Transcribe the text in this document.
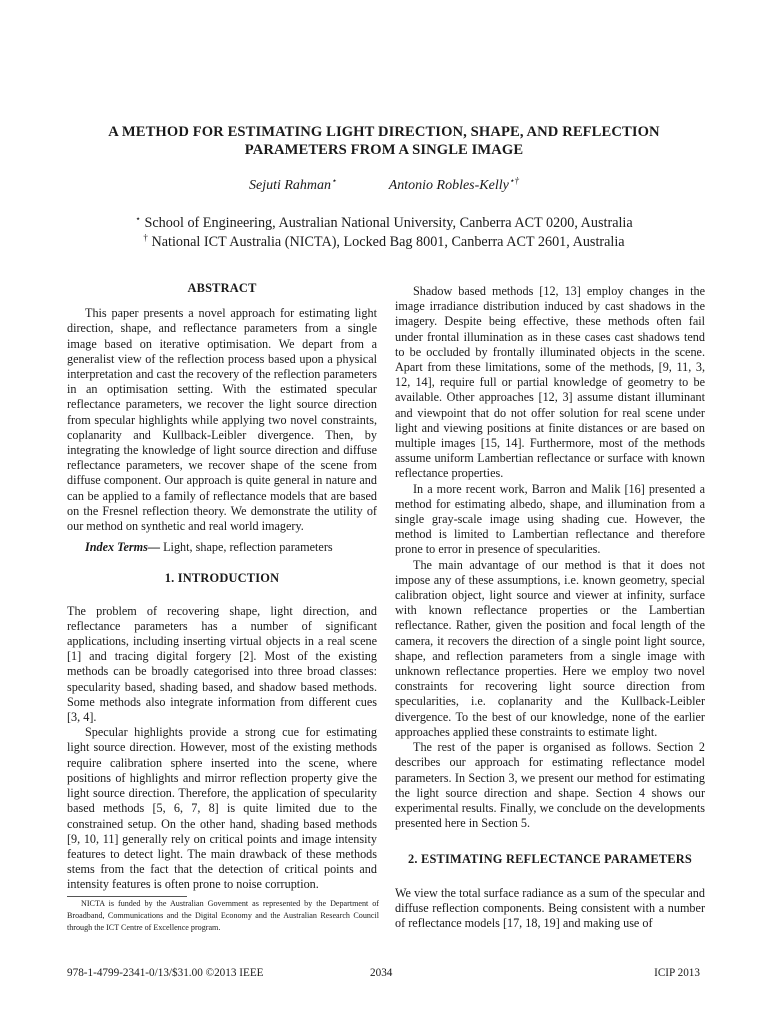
A METHOD FOR ESTIMATING LIGHT DIRECTION, SHAPE, AND REFLECTION
PARAMETERS FROM A SINGLE IMAGE
Sejuti Rahman⋆	Antonio Robles-Kelly⋆†
⋆ School of Engineering, Australian National University, Canberra ACT 0200, Australia
† National ICT Australia (NICTA), Locked Bag 8001, Canberra ACT 2601, Australia

ABSTRACT

This paper presents a novel approach for estimating light direction, shape, and reflectance parameters from a single image based on iterative optimisation. We depart from a generalist view of the reflection process based upon a physical interpretation and cast the recovery of the reflection parameters in an optimisation setting. With the estimated specular reflectance parameters, we recover the light source direction from specular highlights while applying two novel constraints, coplanarity and Kullback-Leibler divergence. Then, by integrating the knowledge of light source direction and diffuse reflectance parameters, we recover shape of the scene from diffuse component. Our approach is quite general in nature and can be applied to a family of reflectance models that are based on the Fresnel reflection theory. We demonstrate the utility of our method on synthetic and real world imagery.

Index Terms— Light, shape, reflection parameters

1. INTRODUCTION

The problem of recovering shape, light direction, and reflectance parameters has a number of significant applications, including inserting virtual objects in a real scene [1] and tracing digital forgery [2]. Most of the existing methods can be broadly categorised into three broad classes: specularity based, shading based, and shadow based methods. Some methods also integrate information from different cues [3, 4].

Specular highlights provide a strong cue for estimating light source direction. However, most of the existing methods require calibration sphere inserted into the scene, where positions of highlights and mirror reflection property give the light source direction. Therefore, the application of specularity based methods [5, 6, 7, 8] is quite limited due to the constrained setup. On the other hand, shading based methods [9, 10, 11] generally rely on critical points and image intensity features to detect light. The main drawback of these methods stems from the fact that the detection of critical points and intensity features is often prone to noise corruption.

NICTA is funded by the Australian Government as represented by the Department of Broadband, Communications and the Digital Economy and the Australian Research Council through the ICT Centre of Excellence program.

Shadow based methods [12, 13] employ changes in the image irradiance distribution induced by cast shadows in the imagery. Despite being effective, these methods often fail under frontal illumination as in these cases cast shadows tend to be occluded by frontally illuminated objects in the scene. Apart from these limitations, some of the methods, [9, 11, 3, 12, 14], require full or partial knowledge of geometry to be available. Other approaches [12, 3] assume distant illuminant and viewpoint that do not offer solution for real scene under light and viewing positions at finite distances or are based on multiple images [15, 14]. Furthermore, most of the methods assume uniform Lambertian reflectance or surface with known reflectance properties.

In a more recent work, Barron and Malik [16] presented a method for estimating albedo, shape, and illumination from a single gray-scale image using shading cue. However, the method is limited to Lambertian reflectance and therefore prone to error in presence of specularities.

The main advantage of our method is that it does not impose any of these assumptions, i.e. known geometry, special calibration object, light source and viewer at infinity, surface with known reflectance properties or the Lambertian reflectance. Rather, given the position and focal length of the camera, it recovers the direction of a single point light source, shape, and reflection parameters from a single image with unknown reflectance properties. Here we employ two novel constraints for recovering light source direction from specularities, i.e. coplanarity and the Kullback-Leibler divergence. To the best of our knowledge, none of the earlier approaches applied these constraints to estimate light.

The rest of the paper is organised as follows. Section 2 describes our approach for estimating reflectance model parameters. In Section 3, we present our method for estimating the light source direction and shape. Section 4 shows our experimental results. Finally, we conclude on the developments presented here in Section 5.

2. ESTIMATING REFLECTANCE PARAMETERS

We view the total surface radiance as a sum of the specular and diffuse reflection components. Being consistent with a number of reflectance models [17, 18, 19] and making use of

978-1-4799-2341-0/13/$31.00 ©2013 IEEE	2034	ICIP 2013
